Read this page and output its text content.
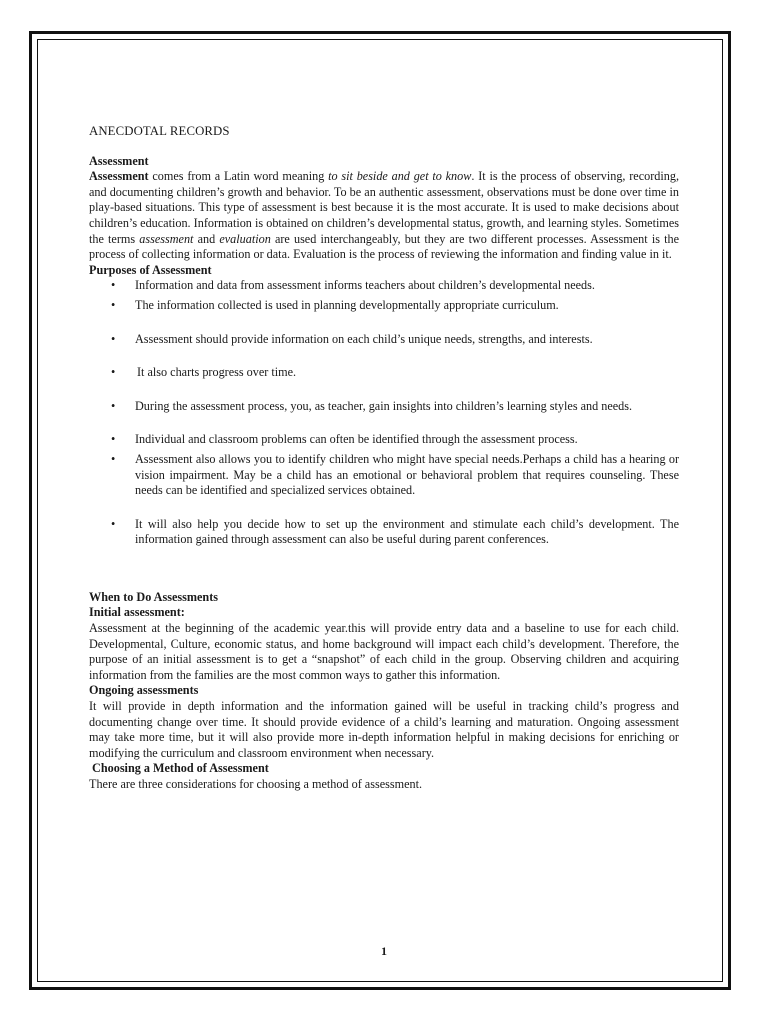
ANECDOTAL RECORDS
Assessment

Assessment comes from a Latin word meaning to sit beside and get to know. It is the process of observing, recording, and documenting children’s growth and behavior. To be an authentic assessment, observations must be done over time in play-based situations. This type of assessment is best because it is the most accurate. It is used to make decisions about children’s education. Information is obtained on children’s developmental status, growth, and learning styles. Sometimes the terms assessment and evaluation are used interchangeably, but they are two different processes. Assessment is the process of collecting information or data. Evaluation is the process of reviewing the information and finding value in it.

Purposes of Assessment
• Information and data from assessment informs teachers about children’s developmental needs.
• The information collected is used in planning developmentally appropriate curriculum.
• Assessment should provide information on each child’s unique needs, strengths, and interests.
• It also charts progress over time.
• During the assessment process, you, as teacher, gain insights into children’s learning styles and needs.
• Individual and classroom problems can often be identified through the assessment process.
• Assessment also allows you to identify children who might have special needs.Perhaps a child has a hearing or vision impairment. May be a child has an emotional or behavioral problem that requires counseling. These needs can be identified and specialized services obtained.
• It will also help you decide how to set up the environment and stimulate each child’s development. The information gained through assessment can also be useful during parent conferences.
When to Do Assessments
Initial assessment:

Assessment at the beginning of the academic year.this will provide entry data and a baseline to use for each child. Developmental, Culture, economic status, and home background will impact each child’s development. Therefore, the purpose of an initial assessment is to get a “snapshot” of each child in the group. Observing children and acquiring information from the families are the most common ways to gather this information.

Ongoing assessments

It will provide in depth information and the information gained will be useful in tracking child’s progress and documenting change over time. It should provide evidence of a child’s learning and maturation. Ongoing assessment may take more time, but it will also provide more in-depth information helpful in making decisions for enriching or modifying the curriculum and classroom environment when necessary.

Choosing a Method of Assessment

There are three considerations for choosing a method of assessment.

1
